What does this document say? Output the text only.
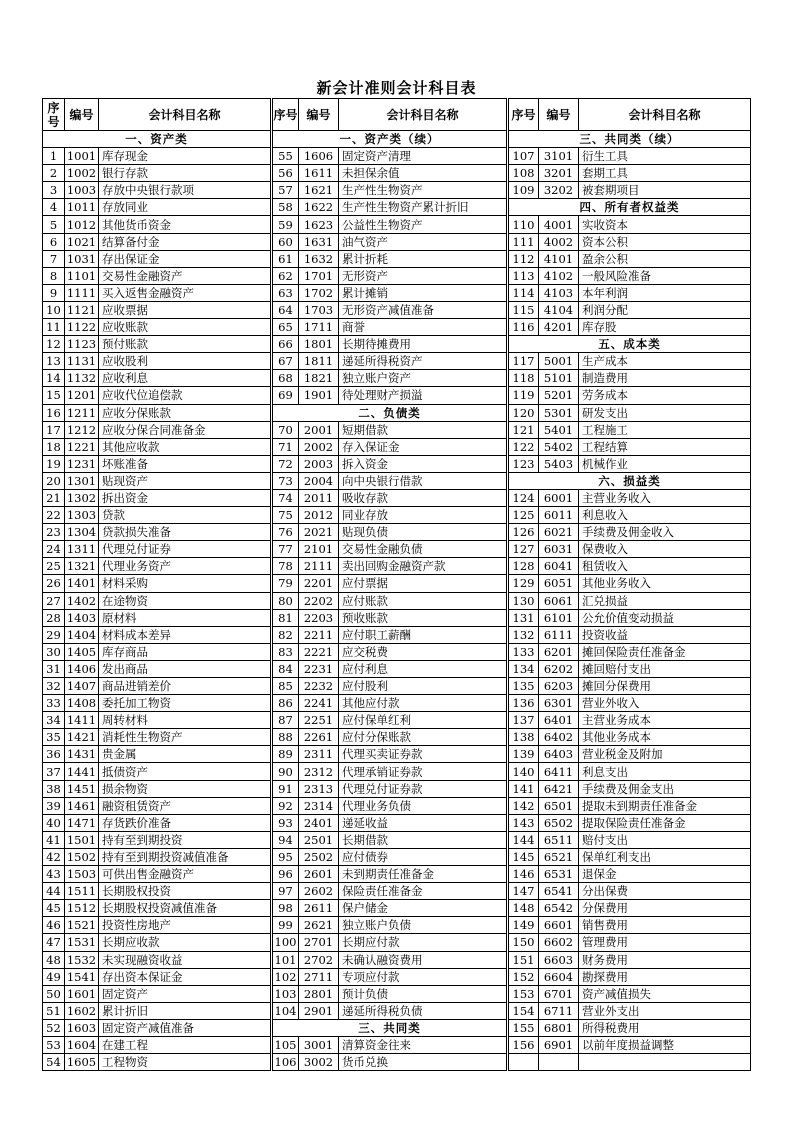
新会计准则会计科目表
序号	编号	会计科目名称		序号	编号	会计科目名称		序号	编号	会计科目名称
一、资产类				一、资产类（续）				三、共同类（续）		
1	1001	库存现金		55	1606	固定资产清理		107	3101	衍生工具
2	1002	银行存款		56	1611	未担保余值		108	3201	套期工具
3	1003	存放中央银行款项		57	1621	生产性生物资产		109	3202	被套期项目
4	1011	存放同业		58	1622	生产性生物资产累计折旧		四、所有者权益类		
5	1012	其他货币资金		59	1623	公益性生物资产		110	4001	实收资本
6	1021	结算备付金		60	1631	油气资产		111	4002	资本公积
7	1031	存出保证金		61	1632	累计折耗		112	4101	盈余公积
8	1101	交易性金融资产		62	1701	无形资产		113	4102	一般风险准备
9	1111	买入返售金融资产		63	1702	累计摊销		114	4103	本年利润
10	1121	应收票据		64	1703	无形资产减值准备		115	4104	利润分配
11	1122	应收账款		65	1711	商誉		116	4201	库存股
12	1123	预付账款		66	1801	长期待摊费用		五、成本类		
13	1131	应收股利		67	1811	递延所得税资产		117	5001	生产成本
14	1132	应收利息		68	1821	独立账户资产		118	5101	制造费用
15	1201	应收代位追偿款		69	1901	待处理财产损溢		119	5201	劳务成本
16	1211	应收分保账款		二、负债类				120	5301	研发支出
17	1212	应收分保合同准备金		70	2001	短期借款		121	5401	工程施工
18	1221	其他应收款		71	2002	存入保证金		122	5402	工程结算
19	1231	坏账准备		72	2003	拆入资金		123	5403	机械作业
20	1301	贴现资产		73	2004	向中央银行借款		六、损益类		
21	1302	拆出资金		74	2011	吸收存款		124	6001	主营业务收入
22	1303	贷款		75	2012	同业存放		125	6011	利息收入
23	1304	贷款损失准备		76	2021	贴现负债		126	6021	手续费及佣金收入
24	1311	代理兑付证券		77	2101	交易性金融负债		127	6031	保费收入
25	1321	代理业务资产		78	2111	卖出回购金融资产款		128	6041	租赁收入
26	1401	材料采购		79	2201	应付票据		129	6051	其他业务收入
27	1402	在途物资		80	2202	应付账款		130	6061	汇兑损益
28	1403	原材料		81	2203	预收账款		131	6101	公允价值变动损益
29	1404	材料成本差异		82	2211	应付职工薪酬		132	6111	投资收益
30	1405	库存商品		83	2221	应交税费		133	6201	摊回保险责任准备金
31	1406	发出商品		84	2231	应付利息		134	6202	摊回赔付支出
32	1407	商品进销差价		85	2232	应付股利		135	6203	摊回分保费用
33	1408	委托加工物资		86	2241	其他应付款		136	6301	营业外收入
34	1411	周转材料		87	2251	应付保单红利		137	6401	主营业务成本
35	1421	消耗性生物资产		88	2261	应付分保账款		138	6402	其他业务成本
36	1431	贵金属		89	2311	代理买卖证券款		139	6403	营业税金及附加
37	1441	抵债资产		90	2312	代理承销证券款		140	6411	利息支出
38	1451	损余物资		91	2313	代理兑付证券款		141	6421	手续费及佣金支出
39	1461	融资租赁资产		92	2314	代理业务负债		142	6501	提取未到期责任准备金
40	1471	存货跌价准备		93	2401	递延收益		143	6502	提取保险责任准备金
41	1501	持有至到期投资		94	2501	长期借款		144	6511	赔付支出
42	1502	持有至到期投资减值准备		95	2502	应付债券		145	6521	保单红利支出
43	1503	可供出售金融资产		96	2601	未到期责任准备金		146	6531	退保金
44	1511	长期股权投资		97	2602	保险责任准备金		147	6541	分出保费
45	1512	长期股权投资减值准备		98	2611	保户储金		148	6542	分保费用
46	1521	投资性房地产		99	2621	独立账户负债		149	6601	销售费用
47	1531	长期应收款		100	2701	长期应付款		150	6602	管理费用
48	1532	未实现融资收益		101	2702	未确认融资费用		151	6603	财务费用
49	1541	存出资本保证金		102	2711	专项应付款		152	6604	勘探费用
50	1601	固定资产		103	2801	预计负债		153	6701	资产减值损失
51	1602	累计折旧		104	2901	递延所得税负债		154	6711	营业外支出
52	1603	固定资产减值准备		三、共同类				155	6801	所得税费用
53	1604	在建工程		105	3001	清算资金往来		156	6901	以前年度损益调整
54	1605	工程物资		106	3002	货币兑换				
